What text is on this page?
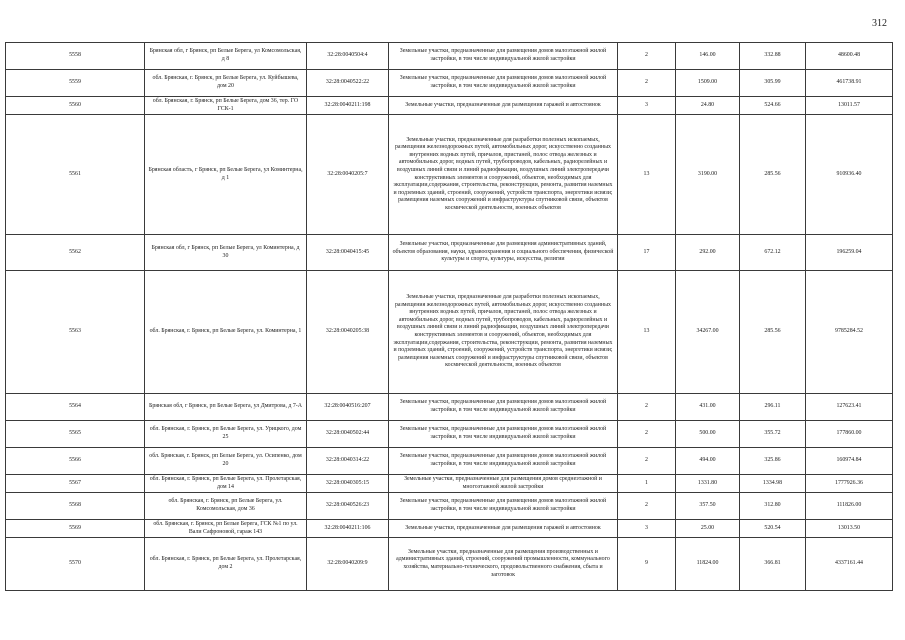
312
5558	Брянская обл, г Брянск, рп Белые Берега, ул Комсомольская, д 8	32:28:0040504:4	Земельные участки, предназначенные для размещения домов малоэтажной жилой застройки, в том числе индивидуальной жилой застройки	2	146.00	332.88	48600.48
5559	обл. Брянская, г. Брянск, рп Белые Берега, ул. Куйбышева, дом 20	32:28:0040522:22	Земельные участки, предназначенные для размещения домов малоэтажной жилой застройки, в том числе индивидуальной жилой застройки	2	1509.00	305.99	461738.91
5560	обл. Брянская, г. Брянск, рп Белые Берега, дом 36, тер. ГО ГСК-1	32:28:0040211:198	Земельные участки, предназначенные для размещения гаражей и автостоянок	3	24.80	524.66	13011.57
5561	Брянская область, г Брянск, рп Белые Берега, ул Коминтерна, д 1	32:28:0040205:7	Земельные участки, предназначенные для разработки полезных ископаемых, размещения железнодорожных путей, автомобильных дорог, искусственно созданных внутренних водных путей, причалов, пристаней, полос отвода железных и автомобильных дорог, водных путей, трубопроводов, кабельных, радиорелейных и воздушных линий связи и линий радиофикации, воздушных линий электропередачи конструктивных элементов и сооружений, объектов, необходимых для эксплуатации,содержания, строительства, реконструкции, ремонта, развития наземных и подземных зданий, строений, сооружений, устройств транспорта, энергетики исвязи; размещения наземных сооружений и инфраструктуры спутниковой связи, объектов космической деятельности, военных объектов	13	3190.00	285.56	910936.40
5562	Брянская обл, г Брянск, рп Белые Берега, ул Коминтерна, д 30	32:28:0040415:45	Земельные участки, предназначенные для размещения административных зданий, объектов образования, науки, здравоохранения и социального обеспечения, физической культуры и спорта, культуры, искусства, религии	17	292.00	672.12	196259.04
5563	обл. Брянская, г. Брянск, рп Белые Берега, ул. Коминтерна, 1	32:28:0040205:38	Земельные участки, предназначенные для разработки полезных ископаемых, размещения железнодорожных путей, автомобильных дорог, искусственно созданных внутренних водных путей, причалов, пристаней, полос отвода железных и автомобильных дорог, водных путей, трубопроводов, кабельных, радиорелейных и воздушных линий связи и линий радиофикации, воздушных линий электропередачи конструктивных элементов и сооружений, объектов, необходимых для эксплуатации,содержания, строительства, реконструкции, ремонта, развития наземных и подземных зданий, строений, сооружений, устройств транспорта, энергетики исвязи; размещения наземных сооружений и инфраструктуры спутниковой связи, объектов космической деятельности, военных объектов	13	34267.00	285.56	9785284.52
5564	Брянская обл, г Брянск, рп Белые Берега, ул Дмитрова, д 7-А	32:28:0040516:207	Земельные участки, предназначенные для размещения домов малоэтажной жилой застройки, в том числе индивидуальной жилой застройки	2	431.00	296.11	127623.41
5565	обл. Брянская, г. Брянск, рп Белые Берега, ул. Урицкого, дом 25	32:28:0040502:44	Земельные участки, предназначенные для размещения домов малоэтажной жилой застройки, в том числе индивидуальной жилой застройки	2	500.00	355.72	177860.00
5566	обл. Брянская, г. Брянск, рп Белые Берега, ул. Осипенко, дом 20	32:28:0040314:22	Земельные участки, предназначенные для размещения домов малоэтажной жилой застройки, в том числе индивидуальной жилой застройки	2	494.00	325.86	160974.84
5567	обл. Брянская, г. Брянск, рп Белые Берега, ул. Пролетарская, дом 14	32:28:0040305:15	Земельные участки, предназначенные для размещения домов среднеэтажной и многоэтажной жилой застройки	1	1331.80	1334.98	1777926.36
5568	обл. Брянская, г. Брянск, рп Белые Берега, ул. Комсомольская, дом 36	32:28:0040526:23	Земельные участки, предназначенные для размещения домов малоэтажной жилой застройки, в том числе индивидуальной жилой застройки	2	357.50	312.80	111826.00
5569	обл. Брянская, г. Брянск, рп Белые Берега, ГСК №1 по ул. Вали Сафроновой, гараж 143	32:28:0040211:106	Земельные участки, предназначенные для размещения гаражей и автостоянок	3	25.00	520.54	13013.50
5570	обл. Брянская, г. Брянск, рп Белые Берега, ул. Пролетарская, дом 2	32:28:0040209:9	Земельные участки, предназначенные для размещения производственных и административных зданий, строений, сооружений промышленности, коммунального хозяйства, материально-технического, продовольственного снабжения, сбыта и заготовок	9	11824.00	366.81	4337161.44
